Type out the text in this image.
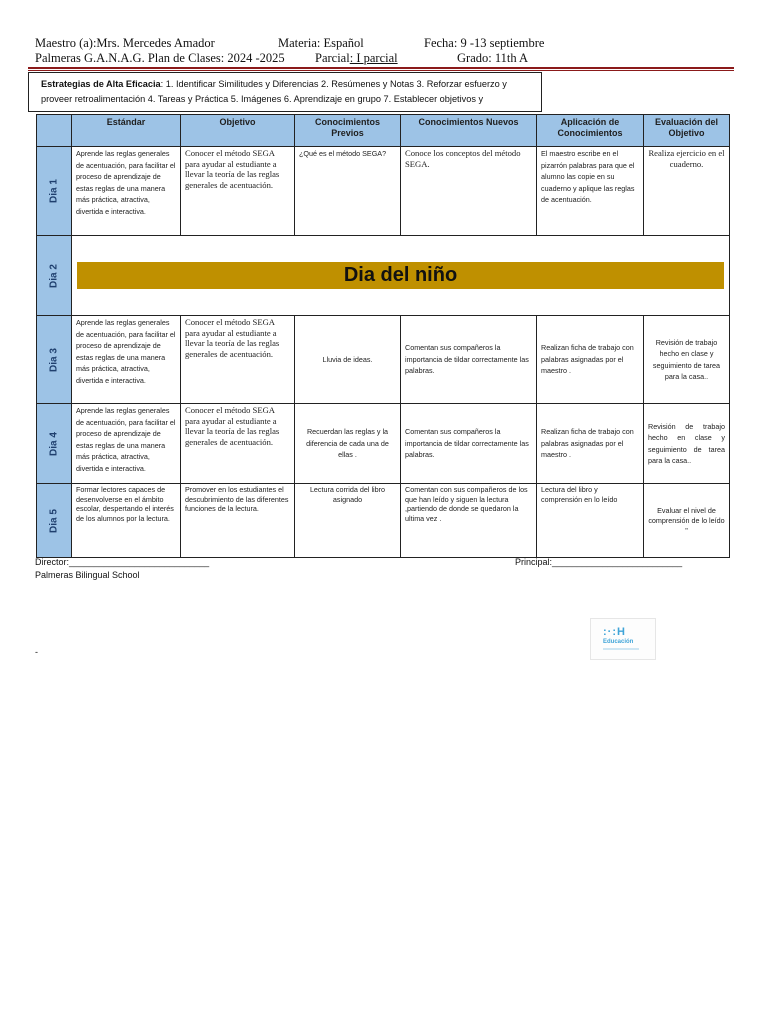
Maestro (a):Mrs. Mercedes Amador	Materia: Español	Fecha: 9 -13 septiembre
Palmeras G.A.N.A.G. Plan de Clases: 2024 -2025 Parcial: I parcial	Grado: 11th A
Estrategias de Alta Eficacia: 1. Identificar Similitudes y Diferencias 2. Resúmenes y Notas 3. Reforzar esfuerzo y proveer retroalimentación 4. Tareas y Práctica 5. Imágenes 6. Aprendizaje en grupo 7. Establecer objetivos y
	Estándar	Objetivo	Conocimientos Previos	Conocimientos Nuevos	Aplicación de Conocimientos	Evaluación del Objetivo

Dia 1	Aprende las reglas generales de acentuación, para facilitar el proceso de aprendizaje de estas reglas de una manera más práctica, atractiva, divertida e interactiva.	Conocer el método SEGA para ayudar al estudiante a llevar la teoría de las reglas generales de acentuación.	¿Qué es el método SEGA?	Conoce los conceptos del método SEGA.	El maestro escribe en el pizarrón palabras para que el alumno las copie en su cuaderno y aplique las reglas de acentuación.	Realiza ejercicio en el cuaderno.

Dia 2	Dia del niño					

Dia 3	Aprende las reglas generales de acentuación, para facilitar el proceso de aprendizaje de estas reglas de una manera más práctica, atractiva, divertida e interactiva.	Conocer el método SEGA para ayudar al estudiante a llevar la teoría de las reglas generales de acentuación.	Lluvia de ideas.	Comentan sus compañeros la importancia de tildar correctamente las palabras.	Realizan ficha de trabajo con palabras asignadas por el maestro .	Revisión de trabajo hecho en clase y seguimiento de tarea para la casa..

Dia 4	Aprende las reglas generales de acentuación, para facilitar el proceso de aprendizaje de estas reglas de una manera más práctica, atractiva, divertida e interactiva.	Conocer el método SEGA para ayudar al estudiante a llevar la teoría de las reglas generales de acentuación.	Recuerdan las reglas y la diferencia de cada una de ellas .	Comentan sus compañeros la importancia de tildar correctamente las palabras.	Realizan ficha de trabajo con palabras asignadas por el maestro .	Revisión de trabajo hecho en clase y seguimiento de tarea para la casa..

Dia 5	Formar lectores capaces de desenvolverse en el ámbito escolar, despertando el interés de los alumnos por la lectura.	Promover en los estudiantes el descubrimiento de las diferentes funciones de la lectura.	Lectura corrida del libro asignado	Comentan con sus compañeros de los que han leído y siguen la lectura ,partiendo de donde se quedaron la ultima vez .	Lectura del libro y comprensión en lo leído	Evaluar el nivel de comprensión de lo leído "
Director:____________________________	Principal:__________________________
Palmeras Bilingual School
-
:·:H
Educación
